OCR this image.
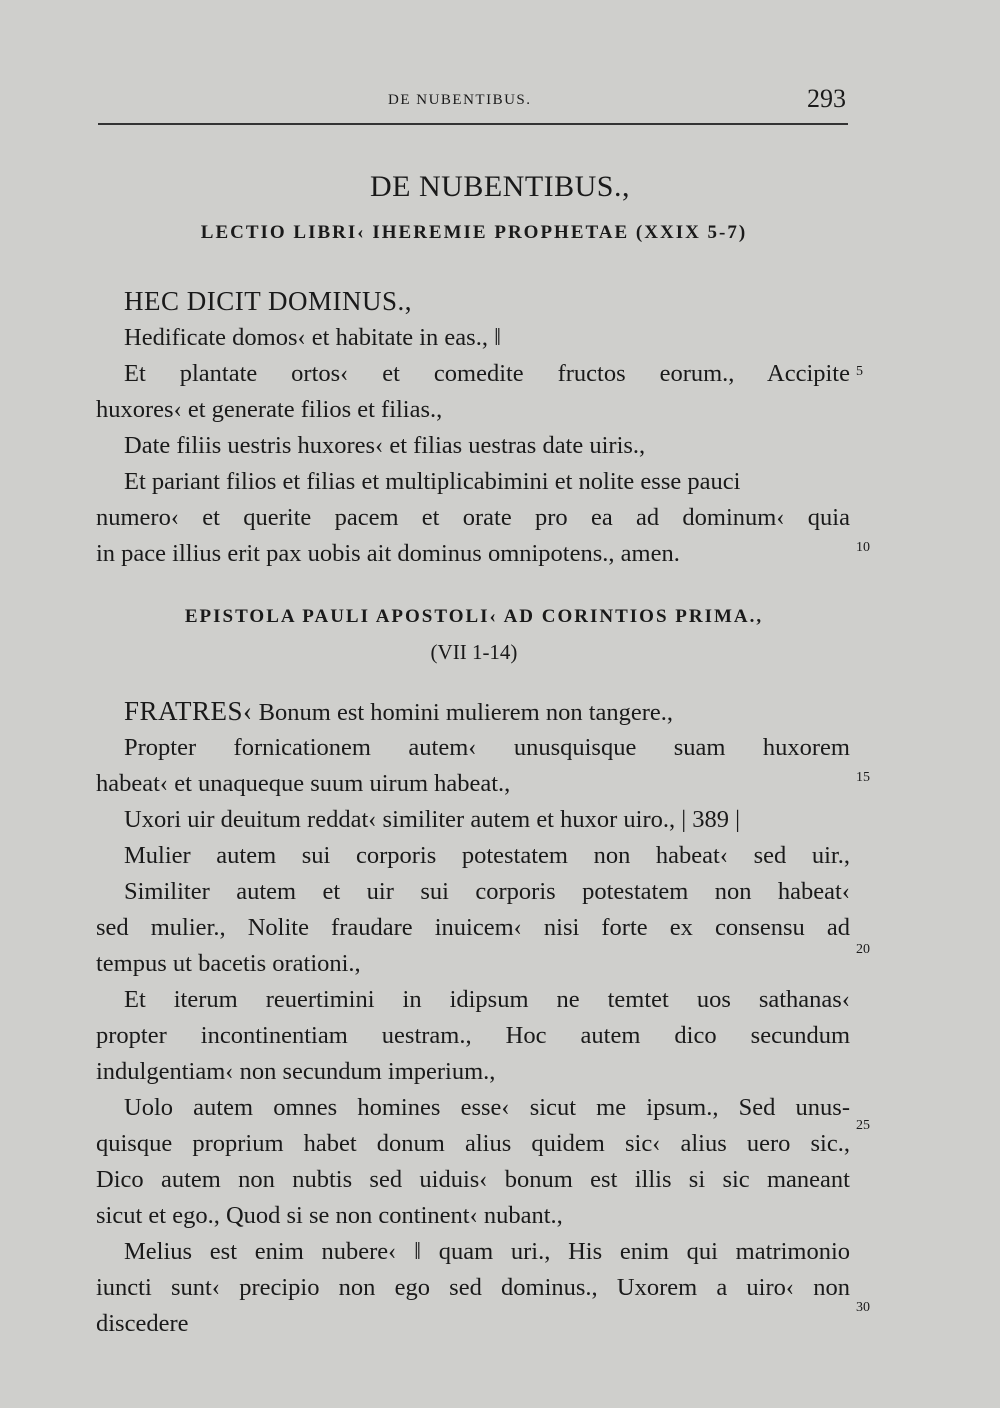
DE NUBENTIBUS.	293
DE NUBENTIBUS.,
LECTIO LIBRI‹ IHEREMIE PROPHETAE (XXIX 5-7)
HEC DICIT DOMINUS.,
Hedificate domos‹ et habitate in eas., ‖
Et plantate ortos‹ et comedite fructos eorum., Accipite
huxores‹ et generate filios et filias.,
Date filiis uestris huxores‹ et filias uestras date uiris.,
Et pariant filios et filias et multiplicabimini et nolite esse pauci
numero‹ et querite pacem et orate pro ea ad dominum‹ quia
in pace illius erit pax uobis ait dominus omnipotens., amen.
EPISTOLA PAULI APOSTOLI‹ AD CORINTIOS PRIMA.,
(VII 1-14)
FRATRES‹ Bonum est homini mulierem non tangere.,
Propter fornicationem autem‹ unusquisque suam huxorem
habeat‹ et unaqueque suum uirum habeat.,
Uxori uir deuitum reddat‹ similiter autem et huxor uiro., | 389 |
Mulier autem sui corporis potestatem non habeat‹ sed uir.,
Similiter autem et uir sui corporis potestatem non habeat‹
sed mulier., Nolite fraudare inuicem‹ nisi forte ex consensu ad
tempus ut bacetis orationi.,
Et iterum reuertimini in idipsum ne temtet uos sathanas‹
propter incontinentiam uestram., Hoc autem dico secundum
indulgentiam‹ non secundum imperium.,
Uolo autem omnes homines esse‹ sicut me ipsum., Sed unus-
quisque proprium habet donum alius quidem sic‹ alius uero sic.,
Dico autem non nubtis sed uiduis‹ bonum est illis si sic maneant
sicut et ego., Quod si se non continent‹ nubant.,
Melius est enim nubere‹ ‖ quam uri., His enim qui matrimonio
iuncti sunt‹ precipio non ego sed dominus., Uxorem a uiro‹ non
discedere
5
10
15
20
25
30
